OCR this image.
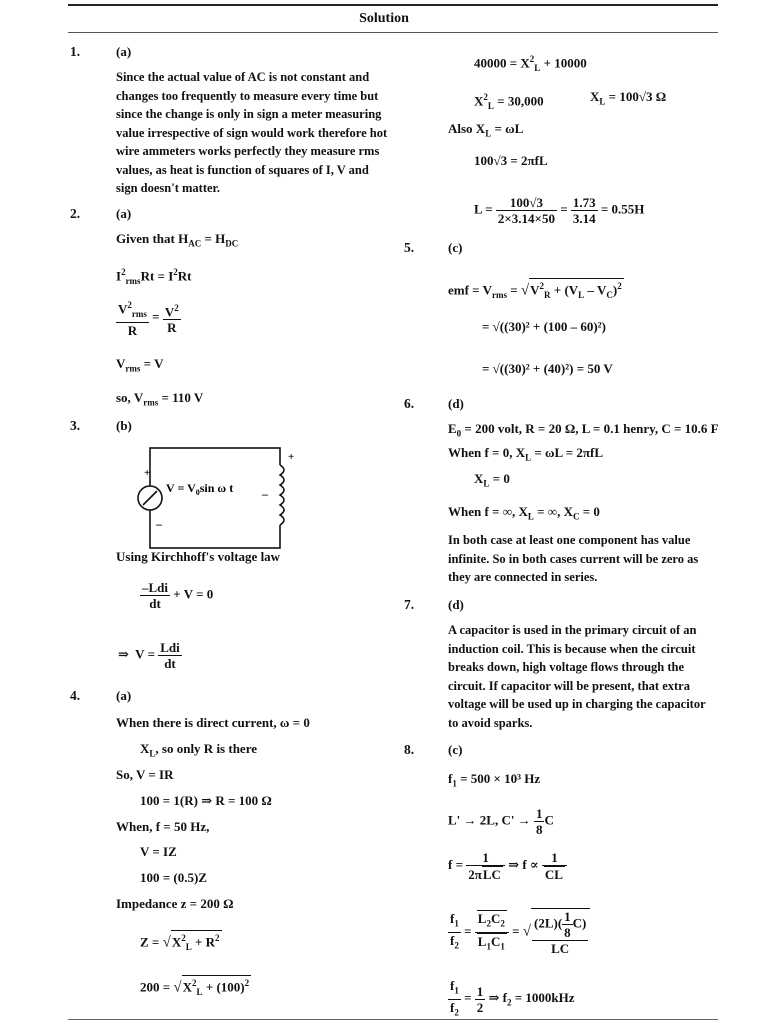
Solution
1.	(a)
Since the actual value of AC is not constant and changes too frequently to measure every time but since the change is only in sign a meter measuring value irrespective of sign would work therefore hot wire ammeters works perfectly they measure rms values, as heat is function of squares of I, V and sign doesn't matter.
2.	(a)
Given that $H_{AC} = H_{DC}$
$I^2_{rms}Rt = I^2Rt$
$\frac{V^2_{rms}}{R} = \frac{V^2}{R}$
$V_{rms} = V$
so, $V_{rms} = 110$ V
3.	(b)
+
+
–
–
$V = V_0\sin$ ω t
Using Kirchhoff's voltage law
$\frac{\text{–Ldi}}{dt} + V = 0$
⇒ $V = \frac{\text{Ldi}}{dt}$
4.	(a)
When there is direct current, ω = 0
$X_L$, so only R is there
So, V = IR
100 = 1(R) ⇒ R = 100 Ω
When, f = 50 Hz,
V = IZ
100 = (0.5)Z
Impedance z = 200 Ω
$Z = √X^2_L + R^2$
$200 = √X^2_L + (100)^2$
$40000 = X^2_L + 10000$
$X^2_L = 30,000$	$X_L = 100√3$ Ω
Also $X_L = \omega L$
100√3 = 2πfL
$L = \frac{100√3}{2\times 3.14\times 50} = \frac{1.73}{3.14} = 0.55H$
5.	(c)
emf = $V_{rms} = √V^2_R + (V_L - V_C)^2$
= √((30)² + (100 – 60)²)
= √((30)² + (40)²) = 50 V
6.	(d)
$E_0 = 200$ volt, R = 20 Ω, L = 0.1 henry, C = 10.6 F
When f = 0, $X_L = \omega L = 2\pi fL$
$X_L = 0$
When f = ∞, $X_L$ = ∞, $X_C = 0$
In both case at least one component has value infinite. So in both cases current will be zero as they are connected in series.
7.	(d)
A capacitor is used in the primary circuit of an induction coil. This is because when the circuit breaks down, high voltage flows through the circuit. If capacitor will be present, that extra voltage will be used up in charging the capacitor to avoid sparks.
8.	(c)
$f_1 = 500 \times 10^3$ Hz
L' → 2L, $C' \to \frac{1}{8}$ C
$f = \frac{1}{\text{2πLC}}$ ⇒ $f \propto \frac{1}{CL}$
$\frac{f_1}{f_2} = \frac{L_2C_2}{L_1C_1}$ = √ $\frac{(2L)( \frac{1}{8} C)}{LC}$
$\frac{f_1}{f_2} = \frac{1}{2}$ ⇒ $f_2 = 1000kHz$
